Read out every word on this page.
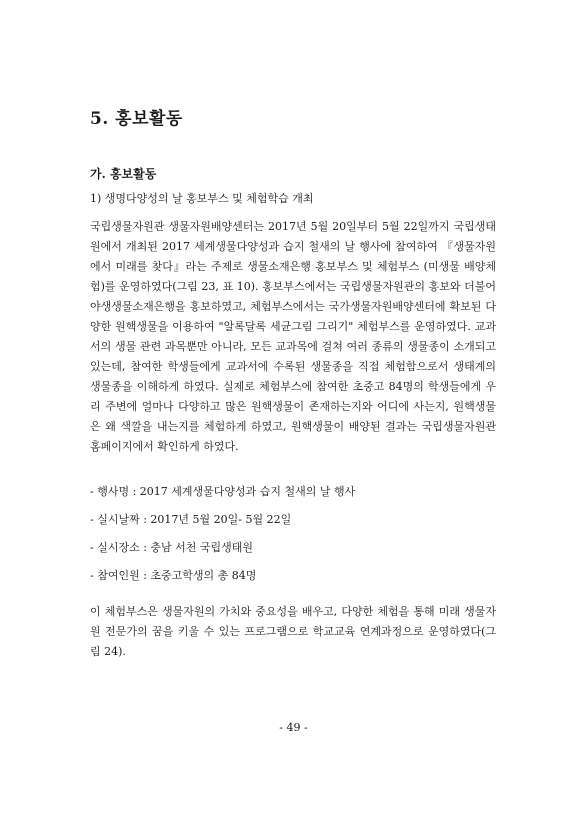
5. 홍보활동
가. 홍보활동
1) 생명다양성의 날 홍보부스 및 체험학습 개최

국립생물자원관 생물자원배양센터는 2017년 5월 20일부터 5월 22일까지 국립생태원에서 개최된 2017 세계생물다양성과 습지 철새의 날 행사에 참여하여 『생물자원에서 미래를 찾다』라는 주제로 생물소재은행 홍보부스 및 체험부스 (미생물 배양체험)를 운영하였다(그림 23, 표 10). 홍보부스에서는 국립생물자원관의 홍보와 더불어 야생생물소재은행을 홍보하였고, 체험부스에서는 국가생물자원배양센터에 확보된 다양한 원핵생물을 이용하여 "알록달록 세균그림 그리기" 체험부스를 운영하였다. 교과서의 생물 관련 과목뿐만 아니라, 모든 교과목에 걸쳐 여러 종류의 생물종이 소개되고 있는데, 참여한 학생들에게 교과서에 수록된 생물종을 직접 체험함으로서 생태계의 생물종을 이해하게 하였다. 실제로 체험부스에 참여한 초중고 84명의 학생들에게 우리 주변에 얼마나 다양하고 많은 원핵생물이 존재하는지와 어디에 사는지, 원핵생물은 왜 색깔을 내는지를 체험하게 하였고, 원핵생물이 배양된 결과는 국립생물자원관 홈페이지에서 확인하게 하였다.

- 행사명 : 2017 세계생물다양성과 습지 철새의 날 행사
- 실시날짜 : 2017년 5월 20일- 5월 22일
- 실시장소 : 충남 서천 국립생태원
- 참여인원 : 초중고학생의 총 84명

이 체험부스은 생물자원의 가치와 중요성을 배우고, 다양한 체험을 통해 미래 생물자원 전문가의 꿈을 키울 수 있는 프로그램으로 학교교육 연계과정으로 운영하였다(그림 24).

- 49 -
